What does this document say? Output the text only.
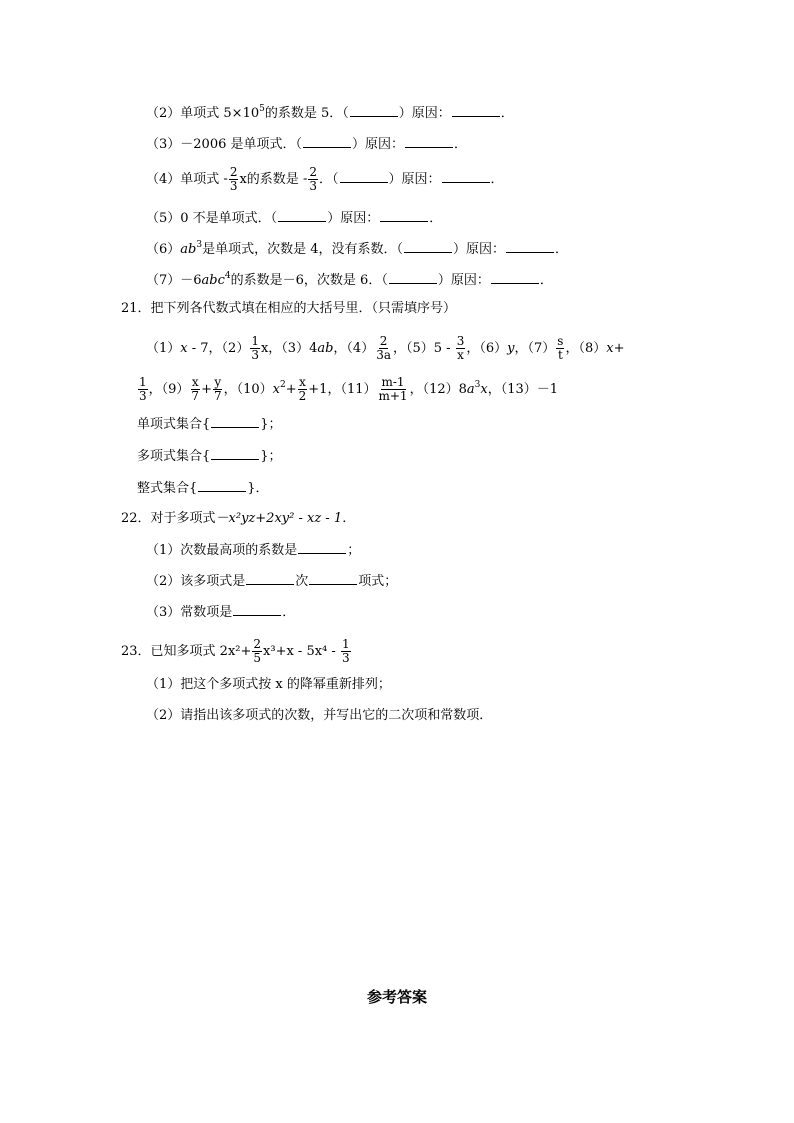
（2）单项式 $5\times 10^5$的系数是 5．（	）原因：	．
（3）－2006 是单项式．（	）原因：	．
（4）单项式 - $\frac{2}{3}$ x的系数是 - $\frac{2}{3}$ ．（	）原因：	．
（5）0 不是单项式．（	）原因：	．
$(6)ab^3$是单项式，次数是 4，没有系数．（	）原因：	．
（7）－6abc$^4$的系数是－6，次数是 6．（	）原因：	．
21．把下列各代数式填在相应的大括号里．（只需填序号）
（1）x - 7，$(2) \frac{1}{3}$ x，（3）4ab，$(4) \frac{2}{3a}$ ，$(5)5 - \frac{3}{x}$ ，（6）y，$(7) \frac{s}{t}$ ，（8）x+
$\frac{1}{3}$ ，$(9) \frac{x}{7} + \frac{y}{7}$ ，$(10)x^2+ \frac{x}{2} +1$，$(11) \frac{m-1}{m+1}$ ，$(12)8a^3x$，（13）－1
单项式集合{	}；
多项式集合{	}；
整式集合{	}．
22．对于多项式－x²yz+2xy² - xz - 1．
（1）次数最高项的系数是	；
（2）该多项式是	次	项式；
（3）常数项是	．
23．已知多项式 $2x^2+ \frac{2}{5} x^3+x - 5x^4 - \frac{1}{3}$
（1）把这个多项式按 x 的降幂重新排列；
（2）请指出该多项式的次数，并写出它的二次项和常数项．
参考答案
